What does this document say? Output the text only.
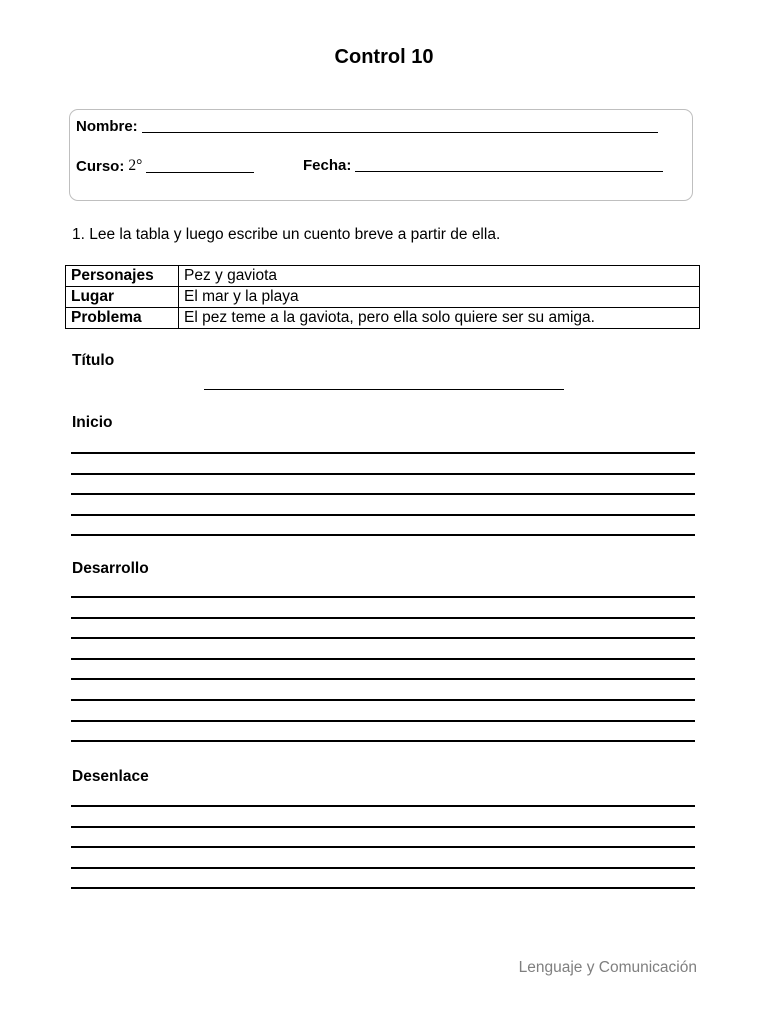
Control 10
Nombre:
Curso: 2°	Fecha:
1. Lee la tabla y luego escribe un cuento breve a partir de ella.
Personajes	Pez y gaviota
Lugar	El mar y la playa
Problema	El pez teme a la gaviota, pero ella solo quiere ser su amiga.
Título
Inicio
Desarrollo
Desenlace
Lenguaje y Comunicación
